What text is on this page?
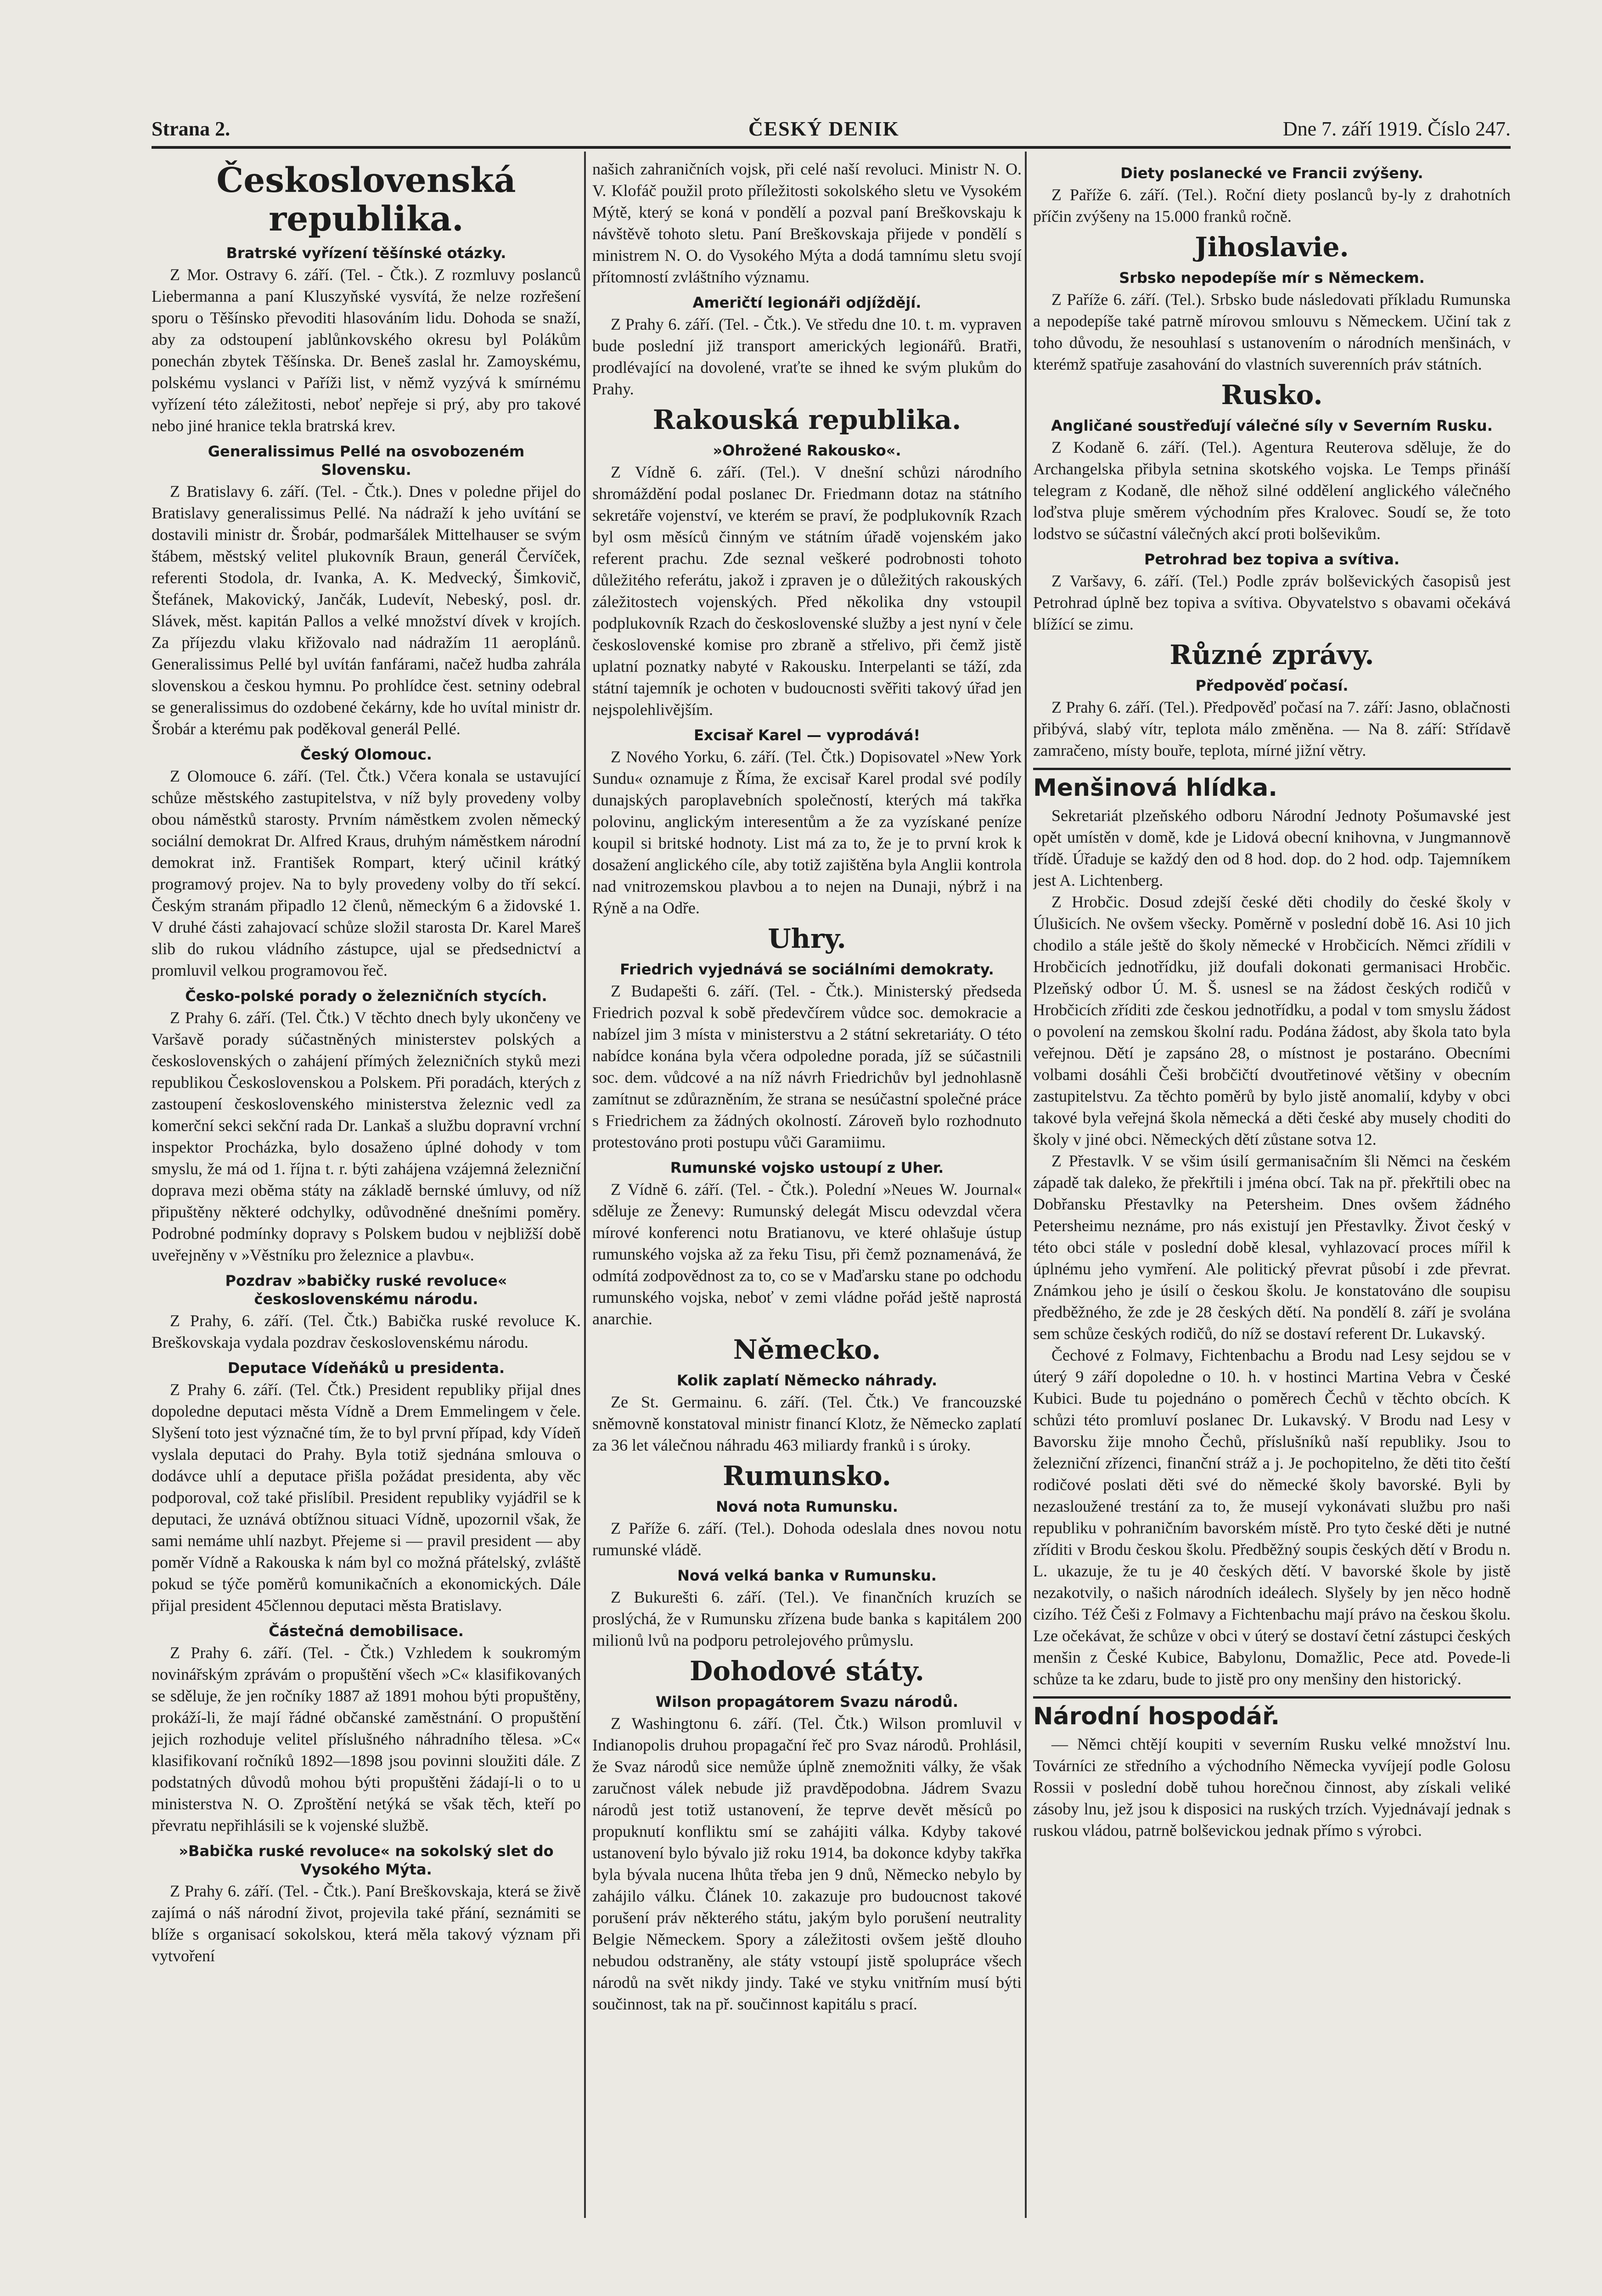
Strana 2.	ČESKÝ DENIK	Dne 7. září 1919. Číslo 247.
Československá republika.
Bratrské vyřízení těšínské otázky.

Z Mor. Ostravy 6. září. (Tel. - Čtk.). Z rozmluvy poslanců Liebermanna a paní Kluszyňské vysvítá, že nelze rozřešení sporu o Těšínsko převoditi hlasováním lidu. Dohoda se snaží, aby za odstoupení jablůnkovského okresu byl Polákům ponechán zbytek Těšínska. Dr. Beneš zaslal hr. Zamoyskému, polskému vyslanci v Paříži list, v němž vyzývá k smírnému vyřízení této záležitosti, neboť nepřeje si prý, aby pro takové nebo jiné hranice tekla bratrská krev.

Generalissimus Pellé na osvobozeném Slovensku.

Z Bratislavy 6. září. (Tel. - Čtk.). Dnes v poledne přijel do Bratislavy generalissimus Pellé. Na nádraží k jeho uvítání se dostavili ministr dr. Šrobár, podmaršálek Mittelhauser se svým štábem, městský velitel plukovník Braun, generál Červíček, referenti Stodola, dr. Ivanka, A. K. Medvecký, Šimkovič, Štefánek, Makovický, Jančák, Ludevít, Nebeský, posl. dr. Slávek, měst. kapitán Pallos a velké množství dívek v krojích. Za příjezdu vlaku křižovalo nad nádražím 11 aeroplánů. Generalissimus Pellé byl uvítán fanfárami, načež hudba zahrála slovenskou a českou hymnu. Po prohlídce čest. setniny odebral se generalissimus do ozdobené čekárny, kde ho uvítal ministr dr. Šrobár a kterému pak poděkoval generál Pellé.

Český Olomouc.

Z Olomouce 6. září. (Tel. Čtk.) Včera konala se ustavující schůze městského zastupitelstva, v níž byly provedeny volby obou náměstků starosty. Prvním náměstkem zvolen německý sociální demokrat Dr. Alfred Kraus, druhým náměstkem národní demokrat inž. František Rompart, který učinil krátký programový projev. Na to byly provedeny volby do tří sekcí. Českým stranám připadlo 12 členů, německým 6 a židovské 1. V druhé části zahajovací schůze složil starosta Dr. Karel Mareš slib do rukou vládního zástupce, ujal se předsednictví a promluvil velkou programovou řeč.

Česko-polské porady o železničních stycích.

Z Prahy 6. září. (Tel. Čtk.) V těchto dnech byly ukončeny ve Varšavě porady súčastněných ministerstev polských a československých o zahájení přímých železničních styků mezi republikou Československou a Polskem. Při poradách, kterých z zastoupení československého ministerstva železnic vedl za komerční sekci sekční rada Dr. Lankaš a službu dopravní vrchní inspektor Procházka, bylo dosaženo úplné dohody v tom smyslu, že má od 1. října t. r. býti zahájena vzájemná železniční doprava mezi oběma státy na základě bernské úmluvy, od níž připuštěny některé odchylky, odůvodněné dnešními poměry. Podrobné podmínky dopravy s Polskem budou v nejbližší době uveřejněny v »Věstníku pro železnice a plavbu«.

Pozdrav »babičky ruské revoluce« československému národu.

Z Prahy, 6. září. (Tel. Čtk.) Babička ruské revoluce K. Breškovskaja vydala pozdrav československému národu.

Deputace Vídeňáků u presidenta.

Z Prahy 6. září. (Tel. Čtk.) President republiky přijal dnes dopoledne deputaci města Vídně a Drem Emmelingem v čele. Slyšení toto jest význačné tím, že to byl první případ, kdy Vídeň vyslala deputaci do Prahy. Byla totiž sjednána smlouva o dodávce uhlí a deputace přišla požádat presidenta, aby věc podporoval, což také přislíbil. President republiky vyjádřil se k deputaci, že uznává obtížnou situaci Vídně, upozornil však, že sami nemáme uhlí nazbyt. Přejeme si — pravil president — aby poměr Vídně a Rakouska k nám byl co možná přátelský, zvláště pokud se týče poměrů komunikačních a ekonomických. Dále přijal president 45člennou deputaci města Bratislavy.

Částečná demobilisace.

Z Prahy 6. září. (Tel. - Čtk.) Vzhledem k soukromým novinářským zprávám o propuštění všech »C« klasifikovaných se sděluje, že jen ročníky 1887 až 1891 mohou býti propuštěny, prokáží-li, že mají řádné občanské zaměstnání. O propuštění jejich rozhoduje velitel příslušného náhradního tělesa. »C« klasifikovaní ročníků 1892—1898 jsou povinni sloužiti dále. Z podstatných důvodů mohou býti propuštěni žádají-li o to u ministerstva N. O. Zproštění netýká se však těch, kteří po převratu nepřihlásili se k vojenské službě.

»Babička ruské revoluce« na sokolský slet do Vysokého Mýta.

Z Prahy 6. září. (Tel. - Čtk.). Paní Breškovskaja, která se živě zajímá o náš národní život, projevila také přání, seznámiti se blíže s organisací sokolskou, která měla takový význam při vytvoření

našich zahraničních vojsk, při celé naší revoluci. Ministr N. O. V. Klofáč použil proto příležitosti sokolského sletu ve Vysokém Mýtě, který se koná v pondělí a pozval paní Breškovskaju k návštěvě tohoto sletu. Paní Breškovskaja přijede v pondělí s ministrem N. O. do Vysokého Mýta a dodá tamnímu sletu svojí přítomností zvláštního významu.

Američtí legionáři odjíždějí.

Z Prahy 6. září. (Tel. - Čtk.). Ve středu dne 10. t. m. vypraven bude poslední již transport amerických legionářů. Bratři, prodlévající na dovolené, vraťte se ihned ke svým plukům do Prahy.

Rakouská republika.
»Ohrožené Rakousko«.

Z Vídně 6. září. (Tel.). V dnešní schůzi národního shromáždění podal poslanec Dr. Friedmann dotaz na státního sekretáře vojenství, ve kterém se praví, že podplukovník Rzach byl osm měsíců činným ve státním úřadě vojenském jako referent prachu. Zde seznal veškeré podrobnosti tohoto důležitého referátu, jakož i zpraven je o důležitých rakouských záležitostech vojenských. Před několika dny vstoupil podplukovník Rzach do československé služby a jest nyní v čele československé komise pro zbraně a střelivo, při čemž jistě uplatní poznatky nabyté v Rakousku. Interpelanti se táží, zda státní tajemník je ochoten v budoucnosti svěřiti takový úřad jen nejspolehlivějším.

Excisař Karel — vyprodává!

Z Nového Yorku, 6. září. (Tel. Čtk.) Dopisovatel »New York Sundu« oznamuje z Říma, že excisař Karel prodal své podíly dunajských paroplavebních společností, kterých má takřka polovinu, anglickým interesentům a že za vyzískané peníze koupil si britské hodnoty. List má za to, že je to první krok k dosažení anglického cíle, aby totiž zajištěna byla Anglii kontrola nad vnitrozemskou plavbou a to nejen na Dunaji, nýbrž i na Rýně a na Odře.

Uhry.
Friedrich vyjednává se sociálními demokraty.

Z Budapešti 6. září. (Tel. - Čtk.). Ministerský předseda Friedrich pozval k sobě předevčírem vůdce soc. demokracie a nabízel jim 3 místa v ministerstvu a 2 státní sekretariáty. O této nabídce konána byla včera odpoledne porada, jíž se súčastnili soc. dem. vůdcové a na níž návrh Friedrichův byl jednohlasně zamítnut se zdůrazněním, že strana se nesúčastní společné práce s Friedrichem za žádných okolností. Zároveň bylo rozhodnuto protestováno proti postupu vůči Garamiimu.

Rumunské vojsko ustoupí z Uher.

Z Vídně 6. září. (Tel. - Čtk.). Polední »Neues W. Journal« sděluje ze Ženevy: Rumunský delegát Miscu odevzdal včera mírové konferenci notu Bratianovu, ve které ohlašuje ústup rumunského vojska až za řeku Tisu, při čemž poznamenává, že odmítá zodpovědnost za to, co se v Maďarsku stane po odchodu rumunského vojska, neboť v zemi vládne pořád ještě naprostá anarchie.

Německo.
Kolik zaplatí Německo náhrady.

Ze St. Germainu. 6. září. (Tel. Čtk.) Ve francouzské sněmovně konstatoval ministr financí Klotz, že Německo zaplatí za 36 let válečnou náhradu 463 miliardy franků i s úroky.

Rumunsko.
Nová nota Rumunsku.

Z Paříže 6. září. (Tel.). Dohoda odeslala dnes novou notu rumunské vládě.

Nová velká banka v Rumunsku.

Z Bukurešti 6. září. (Tel.). Ve finančních kruzích se proslýchá, že v Rumunsku zřízena bude banka s kapitálem 200 milionů lvů na podporu petrolejového průmyslu.

Dohodové státy.
Wilson propagátorem Svazu národů.

Z Washingtonu 6. září. (Tel. Čtk.) Wilson promluvil v Indianopolis druhou propagační řeč pro Svaz národů. Prohlásil, že Svaz národů sice nemůže úplně znemožniti války, že však zaručnost válek nebude již pravděpodobna. Jádrem Svazu národů jest totiž ustanovení, že teprve devět měsíců po propuknutí konfliktu smí se zahájiti válka. Kdyby takové ustanovení bylo bývalo již roku 1914, ba dokonce kdyby takřka byla bývala nucena lhůta třeba jen 9 dnů, Německo nebylo by zahájilo válku. Článek 10. zakazuje pro budoucnost takové porušení práv některého státu, jakým bylo porušení neutrality Belgie Německem. Spory a záležitosti ovšem ještě dlouho nebudou odstraněny, ale státy vstoupí jistě spolupráce všech národů na svět nikdy jindy. Také ve styku vnitřním musí býti součinnost, tak na př. součinnost kapitálu s prací.

Diety poslanecké ve Francii zvýšeny.

Z Paříže 6. září. (Tel.). Roční diety poslanců by-ly z drahotních příčin zvýšeny na 15.000 franků ročně.

Jihoslavie.
Srbsko nepodepíše mír s Německem.

Z Paříže 6. září. (Tel.). Srbsko bude následovati příkladu Rumunska a nepodepíše také patrně mírovou smlouvu s Německem. Učiní tak z toho důvodu, že nesouhlasí s ustanovením o národních menšinách, v kterémž spatřuje zasahování do vlastních suverenních práv státních.

Rusko.
Angličané soustřeďují válečné síly v Severním Rusku.

Z Kodaně 6. září. (Tel.). Agentura Reuterova sděluje, že do Archangelska přibyla setnina skotského vojska. Le Temps přináší telegram z Kodaně, dle něhož silné oddělení anglického válečného loďstva pluje směrem východním přes Kralovec. Soudí se, že toto lodstvo se súčastní válečných akcí proti bolševikům.

Petrohrad bez topiva a svítiva.

Z Varšavy, 6. září. (Tel.) Podle zpráv bolševických časopisů jest Petrohrad úplně bez topiva a svítiva. Obyvatelstvo s obavami očekává blížící se zimu.

Různé zprávy.
Předpověď počasí.

Z Prahy 6. září. (Tel.). Předpověď počasí na 7. září: Jasno, oblačnosti přibývá, slabý vítr, teplota málo změněna. — Na 8. září: Střídavě zamračeno, místy bouře, teplota, mírné jižní větry.

Menšinová hlídka.

Sekretariát plzeňského odboru Národní Jednoty Pošumavské jest opět umístěn v domě, kde je Lidová obecní knihovna, v Jungmannově třídě. Úřaduje se každý den od 8 hod. dop. do 2 hod. odp. Tajemníkem jest A. Lichtenberg.

Z Hrobčic. Dosud zdejší české děti chodily do české školy v Úlušicích. Ne ovšem všecky. Poměrně v poslední době 16. Asi 10 jich chodilo a stále ještě do školy německé v Hrobčicích. Němci zřídili v Hrobčicích jednotřídku, již doufali dokonati germanisaci Hrobčic. Plzeňský odbor Ú. M. Š. usnesl se na žádost českých rodičů v Hrobčicích zříditi zde českou jednotřídku, a podal v tom smyslu žádost o povolení na zemskou školní radu. Podána žádost, aby škola tato byla veřejnou. Dětí je zapsáno 28, o místnost je postaráno. Obecními volbami dosáhli Češi brobčičtí dvoutřetinové většiny v obecním zastupitelstvu. Za těchto poměrů by bylo jistě anomalií, kdyby v obci takové byla veřejná škola německá a děti české aby musely choditi do školy v jiné obci. Německých dětí zůstane sotva 12.

Z Přestavlk. V se všim úsilí germanisačním šli Němci na českém západě tak daleko, že překřtili i jména obcí. Tak na př. překřtili obec na Dobřansku Přestavlky na Petersheim. Dnes ovšem žádného Petersheimu neznáme, pro nás existují jen Přestavlky. Život český v této obci stále v poslední době klesal, vyhlazovací proces mířil k úplnému jeho vymření. Ale politický převrat působí i zde převrat. Známkou jeho je úsilí o českou školu. Je konstatováno dle soupisu předběžného, že zde je 28 českých dětí. Na pondělí 8. září je svolána sem schůze českých rodičů, do níž se dostaví referent Dr. Lukavský.

Čechové z Folmavy, Fichtenbachu a Brodu nad Lesy sejdou se v úterý 9 září dopoledne o 10. h. v hostinci Martina Vebra v České Kubici. Bude tu pojednáno o poměrech Čechů v těchto obcích. K schůzi této promluví poslanec Dr. Lukavský. V Brodu nad Lesy v Bavorsku žije mnoho Čechů, příslušníků naší republiky. Jsou to železniční zřízenci, finanční stráž a j. Je pochopitelno, že děti tito čeští rodičové poslati děti své do německé školy bavorské. Byli by nezasloužené trestání za to, že musejí vykonávati službu pro naši republiku v pohraničním bavorském místě. Pro tyto české děti je nutné zříditi v Brodu českou školu. Předběžný soupis českých dětí v Brodu n. L. ukazuje, že tu je 40 českých dětí. V bavorské škole by jistě nezakotvily, o našich národních ideálech. Slyšely by jen něco hodně cizího. Též Češi z Folmavy a Fichtenbachu mají právo na českou školu. Lze očekávat, že schůze v obci v úterý se dostaví četní zástupci českých menšin z České Kubice, Babylonu, Domažlic, Pece atd. Povede-li schůze ta ke zdaru, bude to jistě pro ony menšiny den historický.

Národní hospodář.

— Němci chtějí koupiti v severním Rusku velké množství lnu. Továrníci ze středního a východního Německa vyvíjejí podle Golosu Rossii v poslední době tuhou horečnou činnost, aby získali veliké zásoby lnu, jež jsou k disposici na ruských trzích. Vyjednávají jednak s ruskou vládou, patrně bolševickou jednak přímo s výrobci.
